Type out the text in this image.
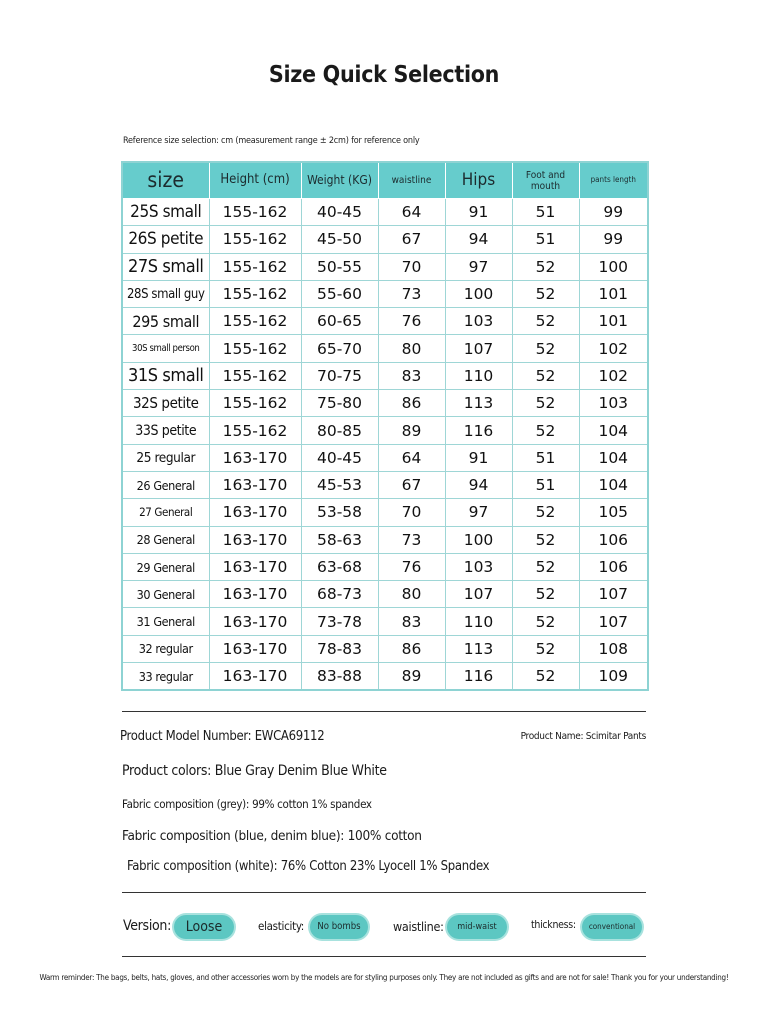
Size Quick Selection
Reference size selection: cm (measurement range ± 2cm) for reference only
size	Height (cm)	Weight (KG)	waistline	Hips	Foot and mouth	pants length
25S small	155-162	40-45	64	91	51	99
26S petite	155-162	45-50	67	94	51	99
27S small	155-162	50-55	70	97	52	100
28S small guy	155-162	55-60	73	100	52	101
295 small	155-162	60-65	76	103	52	101
30S small person	155-162	65-70	80	107	52	102
31S small	155-162	70-75	83	110	52	102
32S petite	155-162	75-80	86	113	52	103
33S petite	155-162	80-85	89	116	52	104
25 regular	163-170	40-45	64	91	51	104
26 General	163-170	45-53	67	94	51	104
27 General	163-170	53-58	70	97	52	105
28 General	163-170	58-63	73	100	52	106
29 General	163-170	63-68	76	103	52	106
30 General	163-170	68-73	80	107	52	107
31 General	163-170	73-78	83	110	52	107
32 regular	163-170	78-83	86	113	52	108
33 regular	163-170	83-88	89	116	52	109
Product Model Number: EWCA69112	Product Name: Scimitar Pants
Product colors: Blue Gray Denim Blue White
Fabric composition (grey): 99% cotton 1% spandex
Fabric composition (blue, denim blue): 100% cotton
Fabric composition (white): 76% Cotton 23% Lyocell 1% Spandex
Version:	Loose	elasticity:	No bombs	waistline:	mid-waist	thickness:	conventional
Warm reminder: The bags, belts, hats, gloves, and other accessories worn by the models are for styling purposes only. They are not included as gifts and are not for sale! Thank you for your understanding!
